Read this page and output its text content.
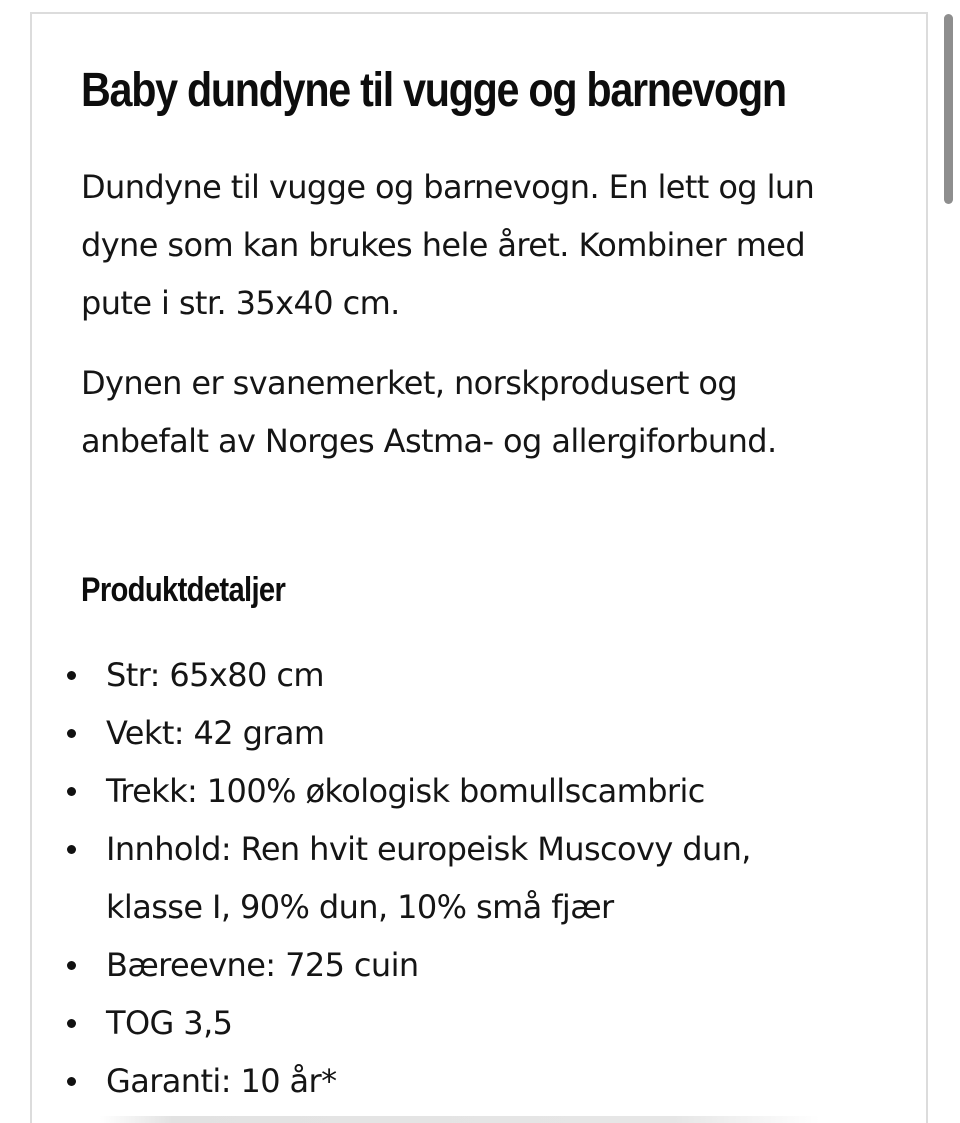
Baby dundyne til vugge og barnevogn

Dundyne til vugge og barnevogn. En lett og lun dyne som kan brukes hele året. Kombiner med pute i str. 35x40 cm.

Dynen er svanemerket, norskprodusert og anbefalt av Norges Astma- og allergiforbund.

Produktdetaljer
Str: 65x80 cm
Vekt: 42 gram
Trekk: 100% økologisk bomullscambric
Innhold: Ren hvit europeisk Muscovy dun, klasse I, 90% dun, 10% små fjær
Bæreevne: 725 cuin
TOG 3,5
Garanti: 10 år*
